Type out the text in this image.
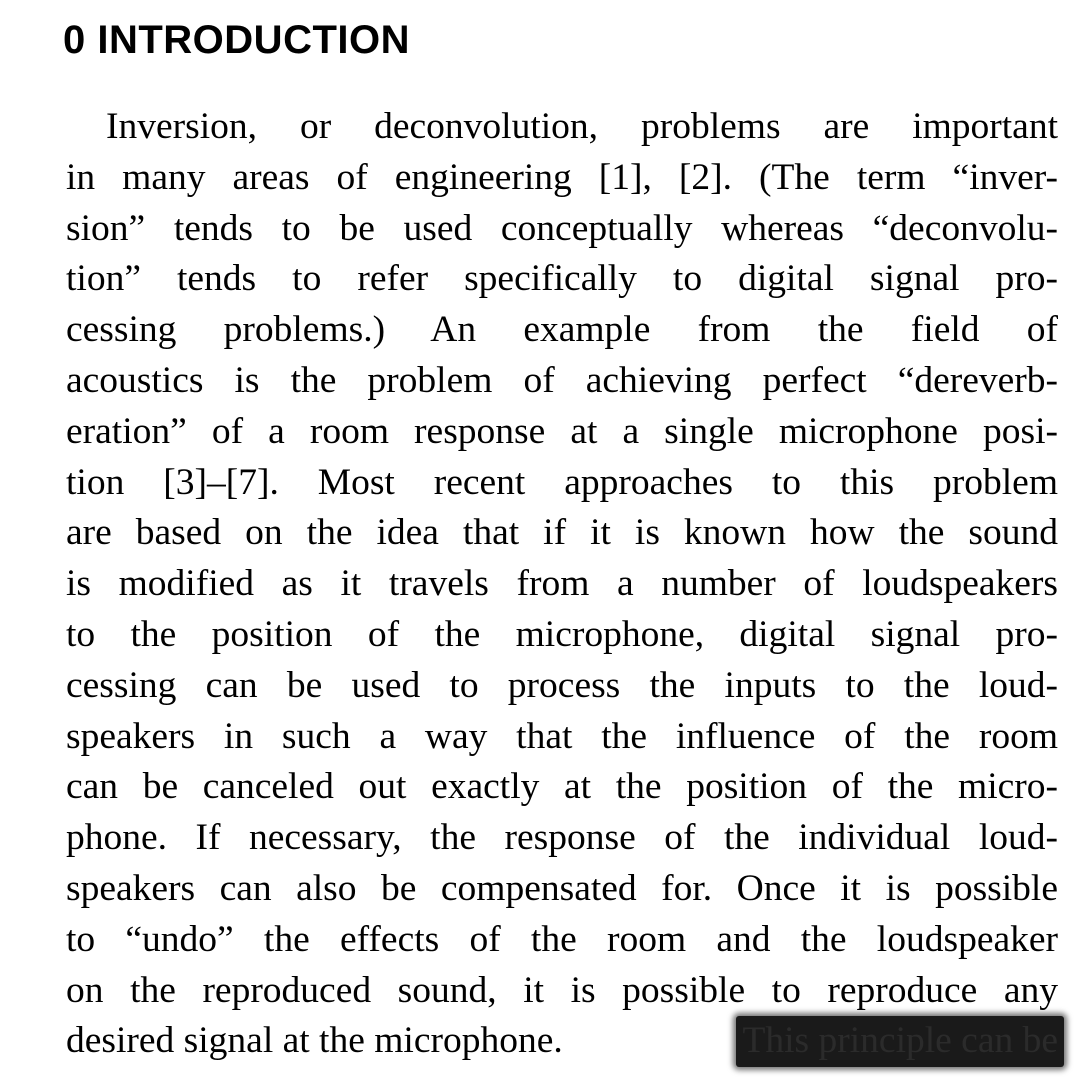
0 INTRODUCTION
Inversion, or deconvolution, problems are important
in many areas of engineering [1], [2]. (The term “inver-
sion” tends to be used conceptually whereas “deconvolu-
tion” tends to refer specifically to digital signal pro-
cessing problems.) An example from the field of
acoustics is the problem of achieving perfect “dereverb-
eration” of a room response at a single microphone posi-
tion [3]–[7]. Most recent approaches to this problem
are based on the idea that if it is known how the sound
is modified as it travels from a number of loudspeakers
to the position of the microphone, digital signal pro-
cessing can be used to process the inputs to the loud-
speakers in such a way that the influence of the room
can be canceled out exactly at the position of the micro-
phone. If necessary, the response of the individual loud-
speakers can also be compensated for. Once it is possible
to “undo” the effects of the room and the loudspeaker
on the reproduced sound, it is possible to reproduce any
desired signal at the microphone.	This principle can be
